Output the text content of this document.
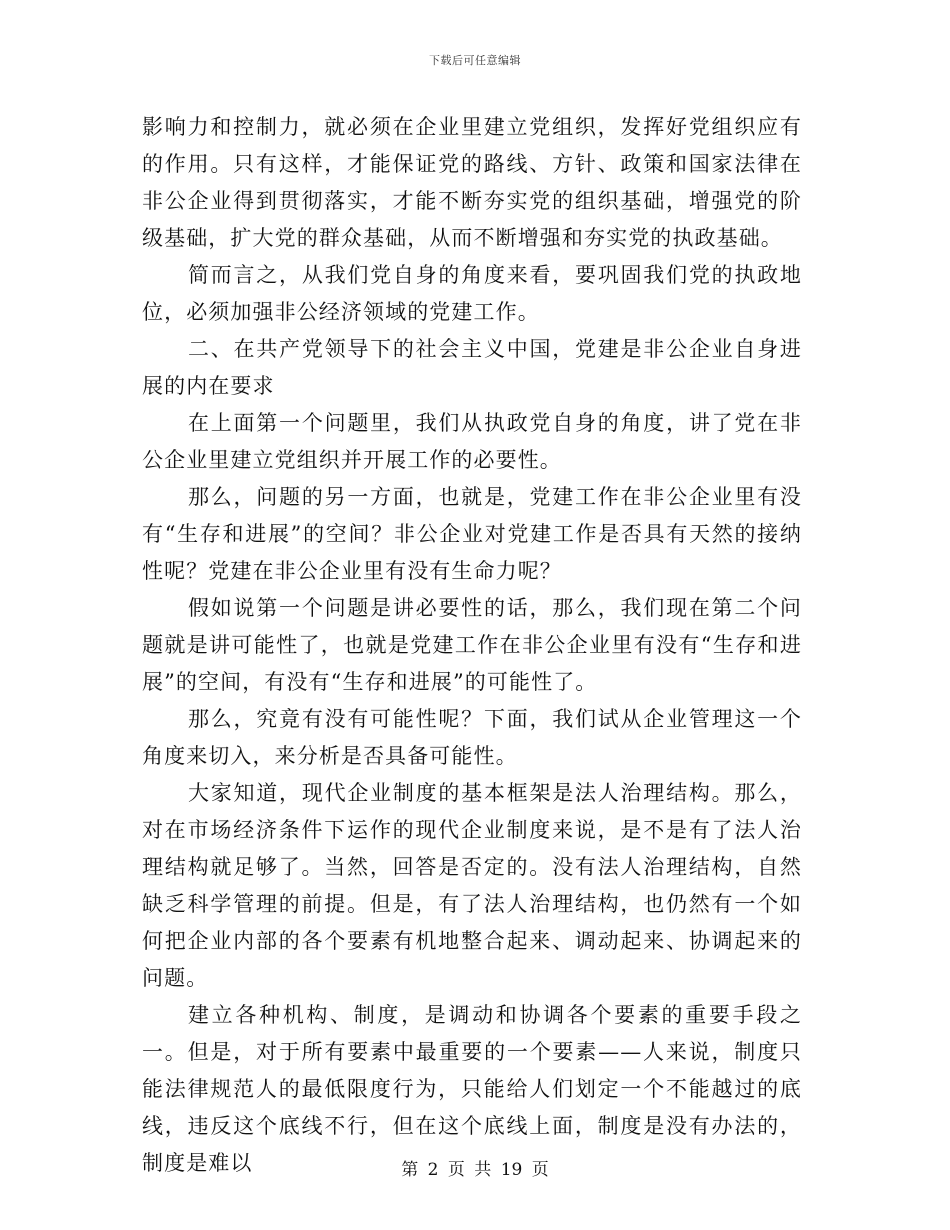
下载后可任意编辑

影响力和控制力，就必须在企业里建立党组织，发挥好党组织应有的作用。只有这样，才能保证党的路线、方针、政策和国家法律在非公企业得到贯彻落实，才能不断夯实党的组织基础，增强党的阶级基础，扩大党的群众基础，从而不断增强和夯实党的执政基础。

简而言之，从我们党自身的角度来看，要巩固我们党的执政地位，必须加强非公经济领域的党建工作。

二、在共产党领导下的社会主义中国，党建是非公企业自身进展的内在要求

在上面第一个问题里，我们从执政党自身的角度，讲了党在非公企业里建立党组织并开展工作的必要性。

那么，问题的另一方面，也就是，党建工作在非公企业里有没有“生存和进展”的空间？非公企业对党建工作是否具有天然的接纳性呢？党建在非公企业里有没有生命力呢？

假如说第一个问题是讲必要性的话，那么，我们现在第二个问题就是讲可能性了，也就是党建工作在非公企业里有没有“生存和进展”的空间，有没有“生存和进展”的可能性了。

那么，究竟有没有可能性呢？下面，我们试从企业管理这一个角度来切入，来分析是否具备可能性。

大家知道，现代企业制度的基本框架是法人治理结构。那么，对在市场经济条件下运作的现代企业制度来说，是不是有了法人治理结构就足够了。当然，回答是否定的。没有法人治理结构，自然缺乏科学管理的前提。但是，有了法人治理结构，也仍然有一个如何把企业内部的各个要素有机地整合起来、调动起来、协调起来的问题。

建立各种机构、制度，是调动和协调各个要素的重要手段之一。但是，对于所有要素中最重要的一个要素——人来说，制度只能法律规范人的最低限度行为，只能给人们划定一个不能越过的底线，违反这个底线不行，但在这个底线上面，制度是没有办法的，制度是难以	第 2 页 共 19 页
